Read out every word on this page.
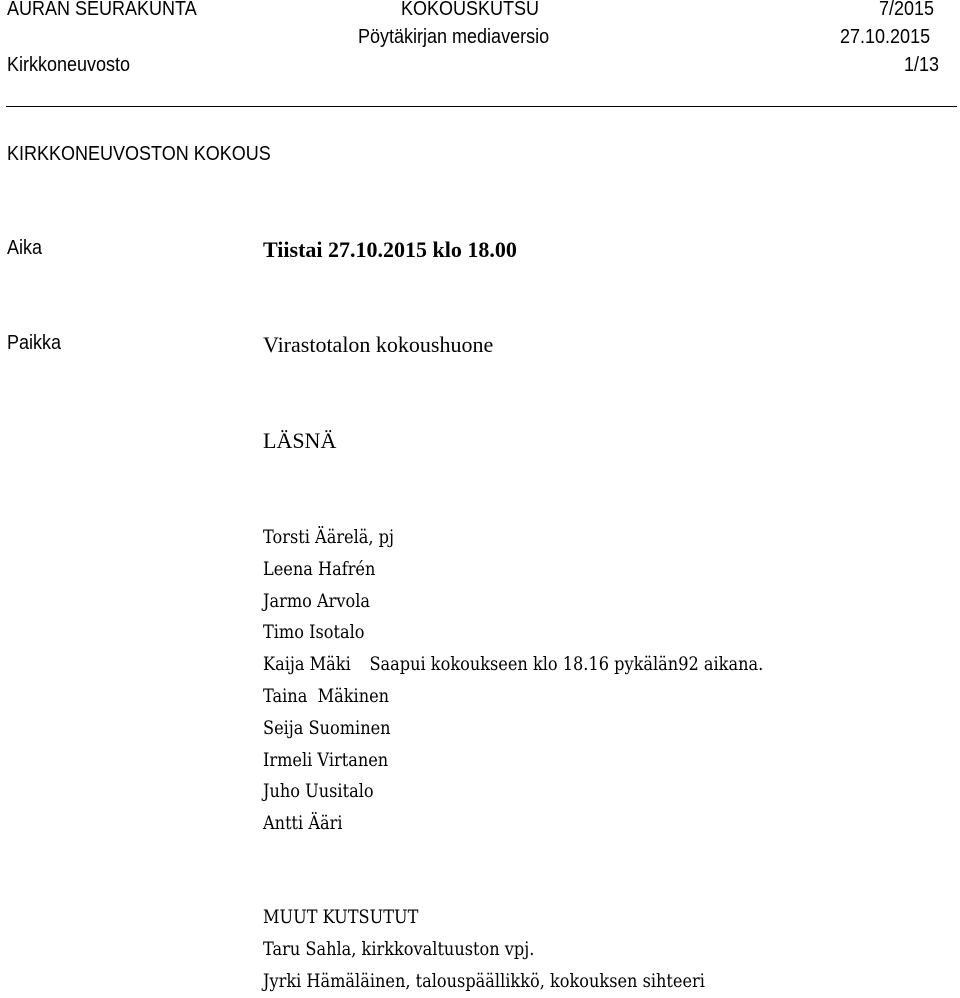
AURAN SEURAKUNTA	KOKOUSKUTSU	7/2015
Pöytäkirjan mediaversio	27.10.2015
Kirkkoneuvosto	1/13
KIRKKONEUVOSTON KOKOUS
Aika	Tiistai 27.10.2015 klo 18.00
Paikka	Virastotalon kokoushuone
LÄSNÄ
Torsti Äärelä, pj
Leena Hafrén
Jarmo Arvola
Timo Isotalo
Kaija Mäki Saapui kokoukseen klo 18.16 pykälän92 aikana.
Taina  Mäkinen
Seija Suominen
Irmeli Virtanen
Juho Uusitalo
Antti Ääri
MUUT KUTSUTUT
Taru Sahla, kirkkovaltuuston vpj.
Jyrki Hämäläinen, talouspäällikkö, kokouksen sihteeri
